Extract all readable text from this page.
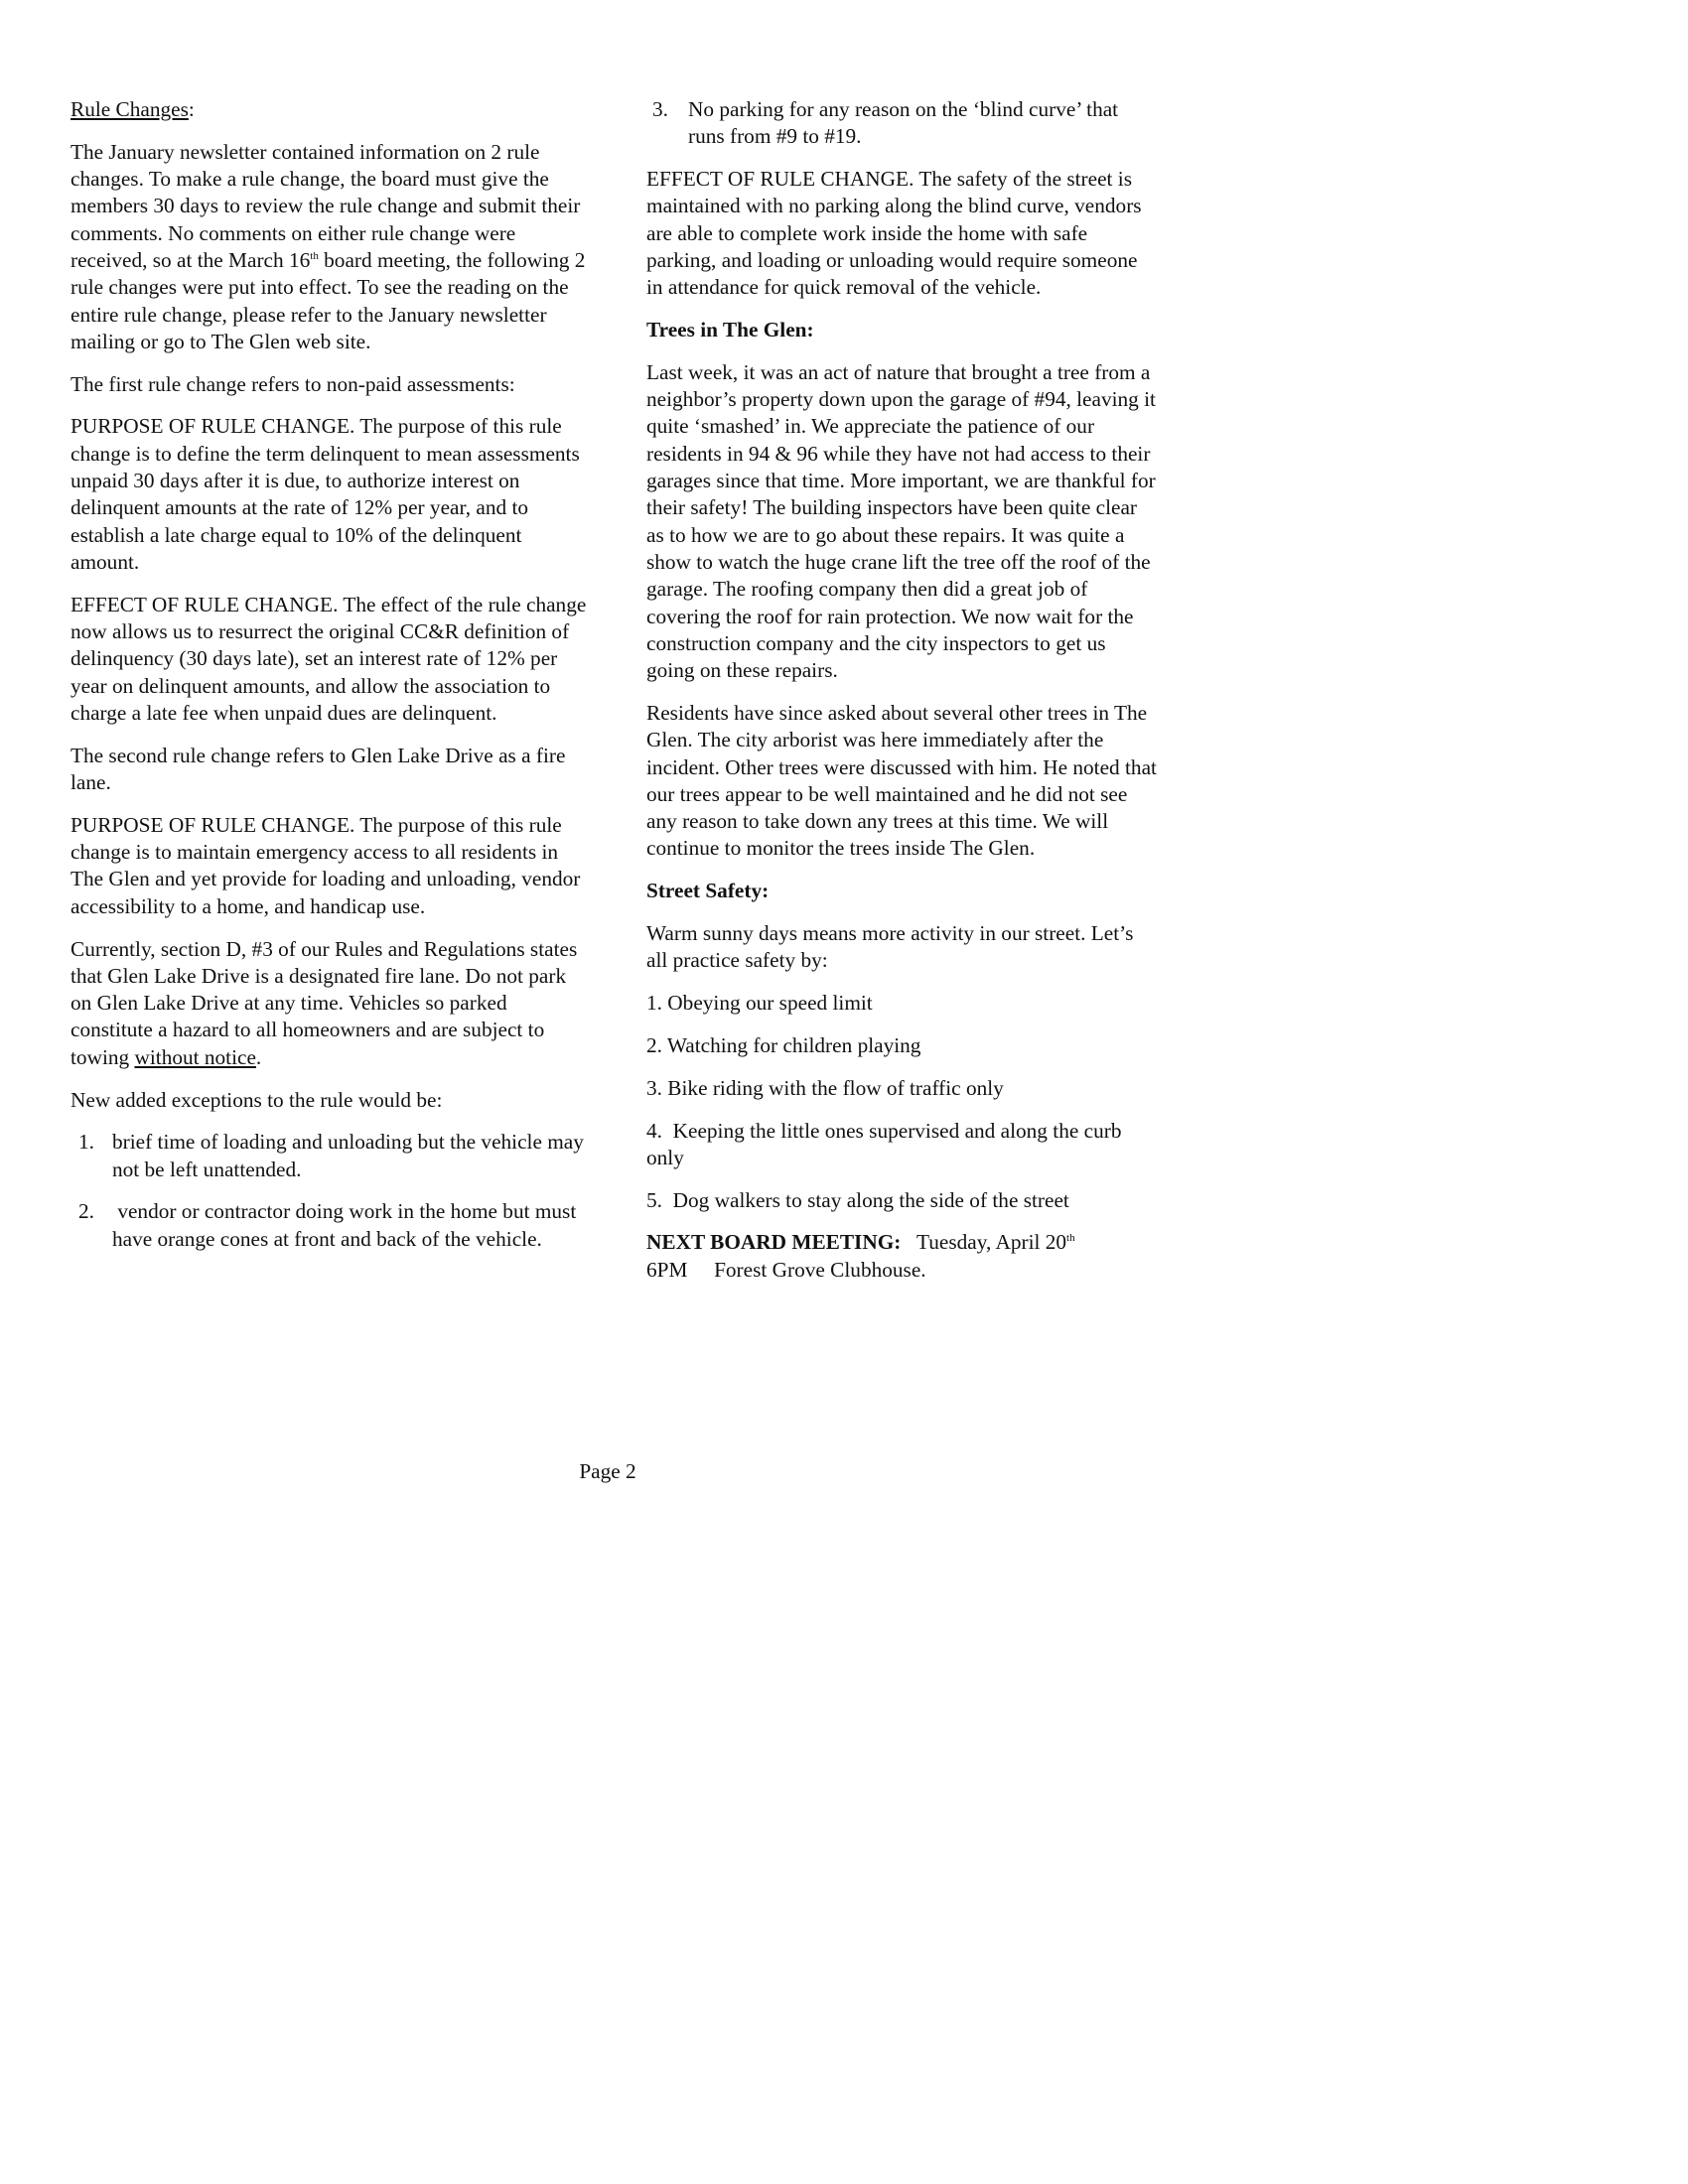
Rule Changes:

The January newsletter contained information on 2 rule changes. To make a rule change, the board must give the members 30 days to review the rule change and submit their comments. No comments on either rule change were received, so at the March 16th board meeting, the following 2 rule changes were put into effect. To see the reading on the entire rule change, please refer to the January newsletter mailing or go to The Glen web site.

The first rule change refers to non-paid assessments:

PURPOSE OF RULE CHANGE. The purpose of this rule change is to define the term delinquent to mean assessments unpaid 30 days after it is due, to authorize interest on delinquent amounts at the rate of 12% per year, and to establish a late charge equal to 10% of the delinquent amount.

EFFECT OF RULE CHANGE. The effect of the rule change now allows us to resurrect the original CC&R definition of delinquency (30 days late), set an interest rate of 12% per year on delinquent amounts, and allow the association to charge a late fee when unpaid dues are delinquent.

The second rule change refers to Glen Lake Drive as a fire lane.

PURPOSE OF RULE CHANGE. The purpose of this rule change is to maintain emergency access to all residents in The Glen and yet provide for loading and unloading, vendor accessibility to a home, and handicap use.

Currently, section D, #3 of our Rules and Regulations states that Glen Lake Drive is a designated fire lane. Do not park on Glen Lake Drive at any time. Vehicles so parked constitute a hazard to all homeowners and are subject to towing without notice.

New added exceptions to the rule would be:

1. brief time of loading and unloading but the vehicle may not be left unattended.
2. vendor or contractor doing work in the home but must have orange cones at front and back of the vehicle.
3. No parking for any reason on the ‘blind curve’ that runs from #9 to #19.

EFFECT OF RULE CHANGE. The safety of the street is maintained with no parking along the blind curve, vendors are able to complete work inside the home with safe parking, and loading or unloading would require someone in attendance for quick removal of the vehicle.

Trees in The Glen:

Last week, it was an act of nature that brought a tree from a neighbor’s property down upon the garage of #94, leaving it quite ‘smashed’ in. We appreciate the patience of our residents in 94 & 96 while they have not had access to their garages since that time. More important, we are thankful for their safety! The building inspectors have been quite clear as to how we are to go about these repairs. It was quite a show to watch the huge crane lift the tree off the roof of the garage. The roofing company then did a great job of covering the roof for rain protection. We now wait for the construction company and the city inspectors to get us going on these repairs.

Residents have since asked about several other trees in The Glen. The city arborist was here immediately after the incident. Other trees were discussed with him. He noted that our trees appear to be well maintained and he did not see any reason to take down any trees at this time. We will continue to monitor the trees inside The Glen.

Street Safety:

Warm sunny days means more activity in our street. Let’s all practice safety by:

1. Obeying our speed limit

2. Watching for children playing

3. Bike riding with the flow of traffic only

4.  Keeping the little ones supervised and along the curb only

5.  Dog walkers to stay along the side of the street

NEXT BOARD MEETING:   Tuesday, April 20th
6PM Forest Grove Clubhouse.

Page 2
